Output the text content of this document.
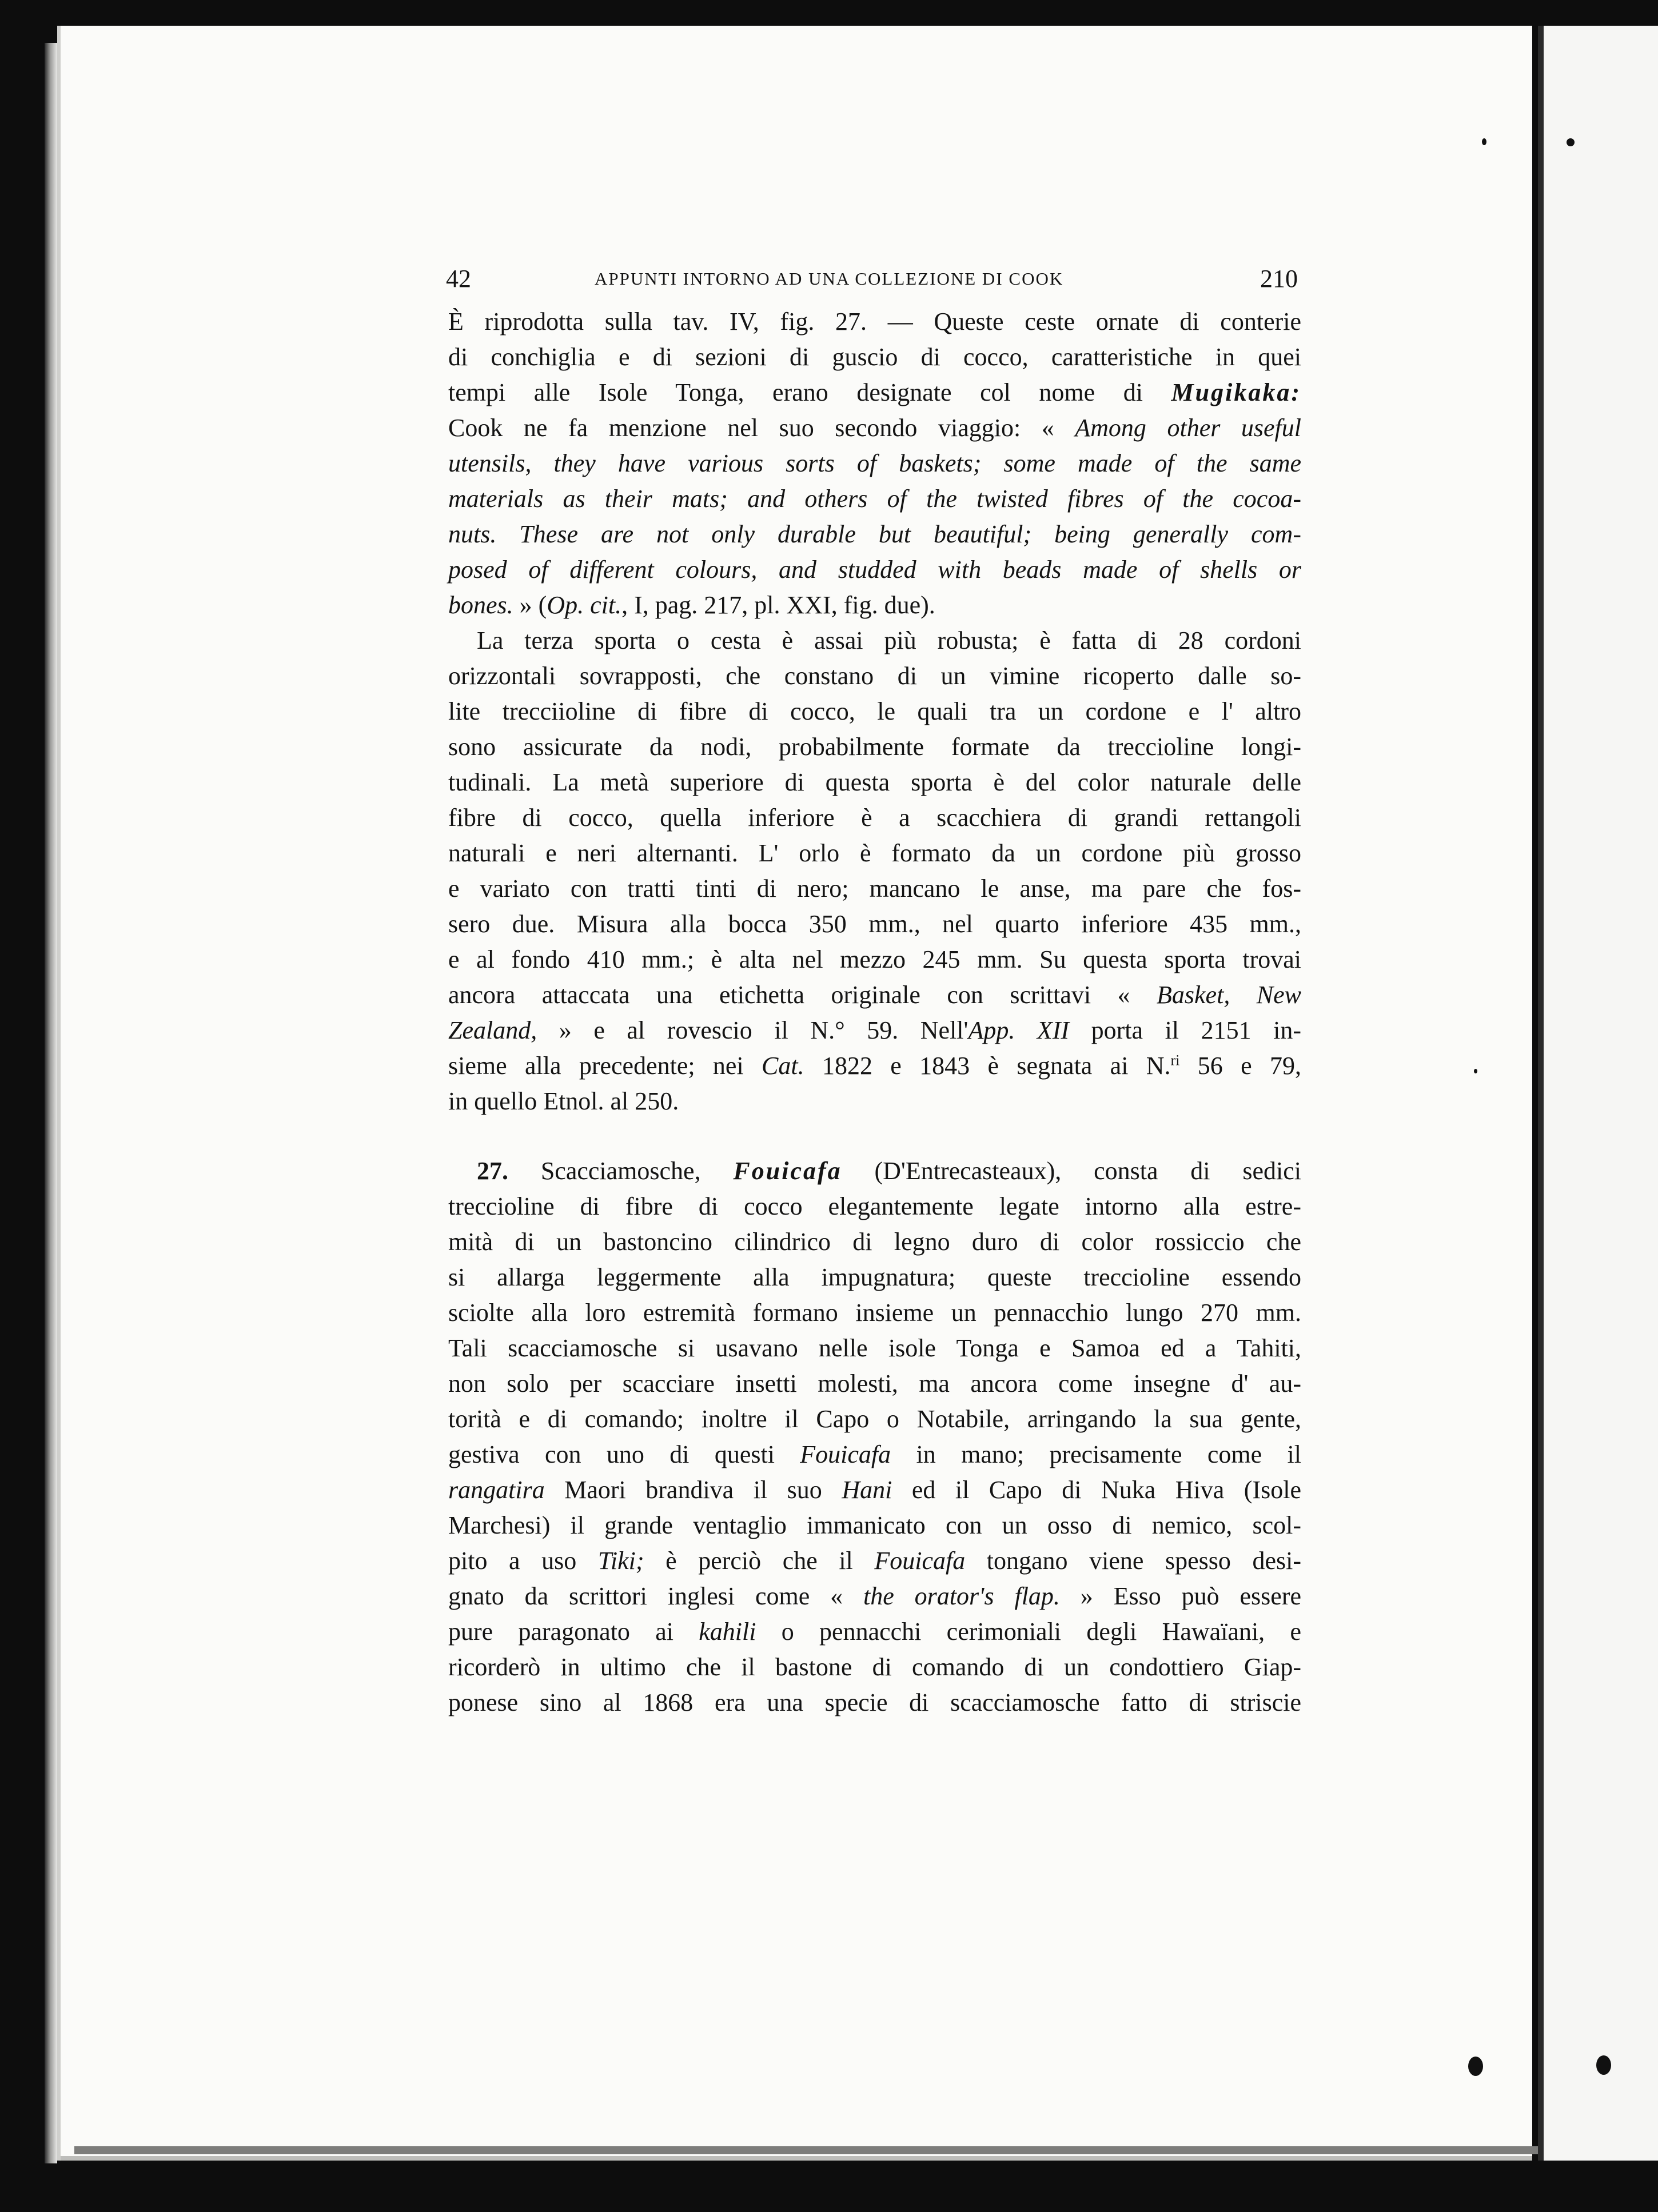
42	APPUNTI INTORNO AD UNA COLLEZIONE DI COOK	210
È riprodotta sulla tav. IV, fig. 27. — Queste ceste ornate di conterie
di conchiglia e di sezioni di guscio di cocco, caratteristiche in quei
tempi alle Isole Tonga, erano designate col nome di Mugikaka:
Cook ne fa menzione nel suo secondo viaggio: « Among other useful
utensils, they have various sorts of baskets; some made of the same
materials as their mats; and others of the twisted fibres of the cocoa-
nuts. These are not only durable but beautiful; being generally com-
posed of different colours, and studded with beads made of shells or
bones. » (Op. cit., I, pag. 217, pl. XXI, fig. due).
La terza sporta o cesta è assai più robusta; è fatta di 28 cordoni
orizzontali sovrapposti, che constano di un vimine ricoperto dalle so-
lite trecciioline di fibre di cocco, le quali tra un cordone e l' altro
sono assicurate da nodi, probabilmente formate da treccioline longi-
tudinali. La metà superiore di questa sporta è del color naturale delle
fibre di cocco, quella inferiore è a scacchiera di grandi rettangoli
naturali e neri alternanti. L' orlo è formato da un cordone più grosso
e variato con tratti tinti di nero; mancano le anse, ma pare che fos-
sero due. Misura alla bocca 350 mm., nel quarto inferiore 435 mm.,
e al fondo 410 mm.; è alta nel mezzo 245 mm. Su questa sporta trovai
ancora attaccata una etichetta originale con scrittavi « Basket, New
Zealand, » e al rovescio il N.° 59. Nell'App. XII porta il 2151 in-
sieme alla precedente; nei Cat. 1822 e 1843 è segnata ai N.$^{ri}$ 56 e 79,
in quello Etnol. al 250.
27. Scacciamosche, Fouicafa (D'Entrecasteaux), consta di sedici
treccioline di fibre di cocco elegantemente legate intorno alla estre-
mità di un bastoncino cilindrico di legno duro di color rossiccio che
si allarga leggermente alla impugnatura; queste treccioline essendo
sciolte alla loro estremità formano insieme un pennacchio lungo 270 mm.
Tali scacciamosche si usavano nelle isole Tonga e Samoa ed a Tahiti,
non solo per scacciare insetti molesti, ma ancora come insegne d' au-
torità e di comando; inoltre il Capo o Notabile, arringando la sua gente,
gestiva con uno di questi Fouicafa in mano; precisamente come il
rangatira Maori brandiva il suo Hani ed il Capo di Nuka Hiva (Isole
Marchesi) il grande ventaglio immanicato con un osso di nemico, scol-
pito a uso Tiki; è perciò che il Fouicafa tongano viene spesso desi-
gnato da scrittori inglesi come « the orator's flap. » Esso può essere
pure paragonato ai kahili o pennacchi cerimoniali degli Hawaïani, e
ricorderò in ultimo che il bastone di comando di un condottiero Giap-
ponese sino al 1868 era una specie di scacciamosche fatto di striscie
